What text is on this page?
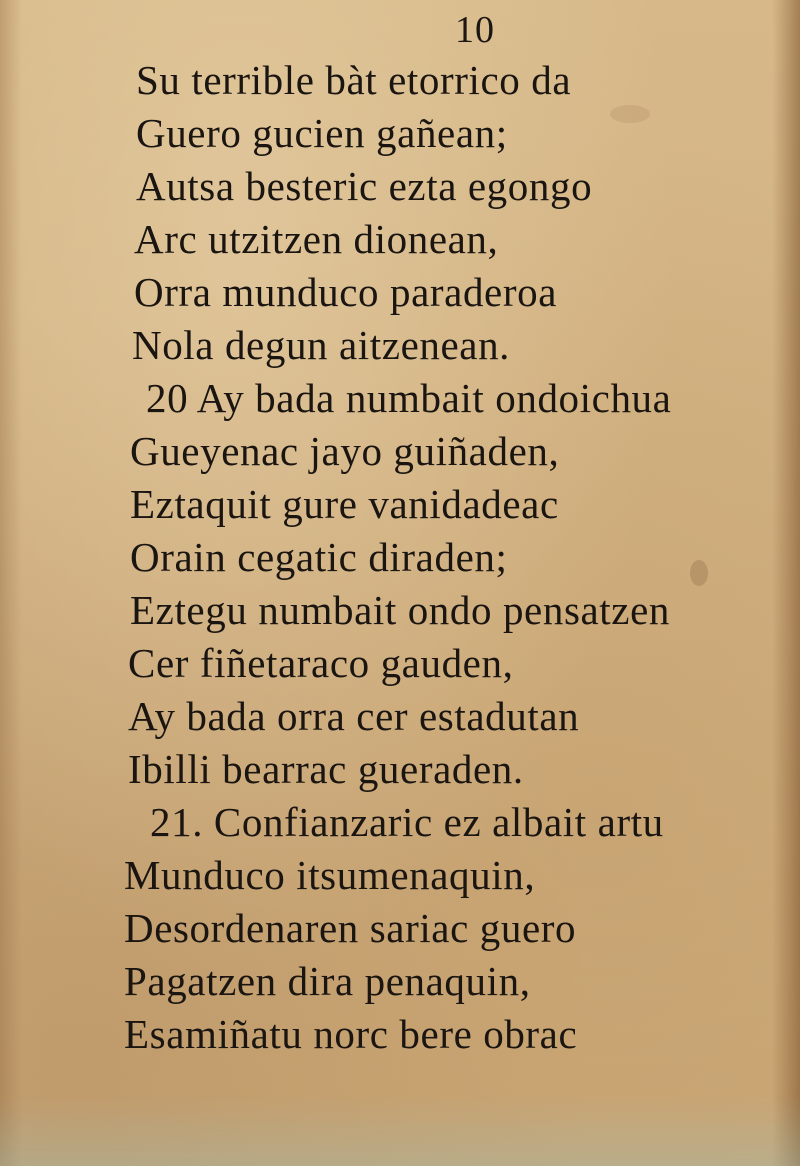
10
Su terrible bàt etorrico da
Guero gucien gañean;
Autsa besteric ezta egongo
Arc utzitzen dionean,
Orra munduco paraderoa
Nola degun aitzenean.
20 Ay bada numbait ondoichua
Gueyenac jayo guiñaden,
Eztaquit gure vanidadeac
Orain cegatic diraden;
Eztegu numbait ondo pensatzen
Cer fiñetaraco gauden,
Ay bada orra cer estadutan
Ibilli bearrac gueraden.
21. Confianzaric ez albait artu
Munduco itsumenaquin,
Desordenaren sariac guero
Pagatzen dira penaquin,
Esamiñatu norc bere obrac
